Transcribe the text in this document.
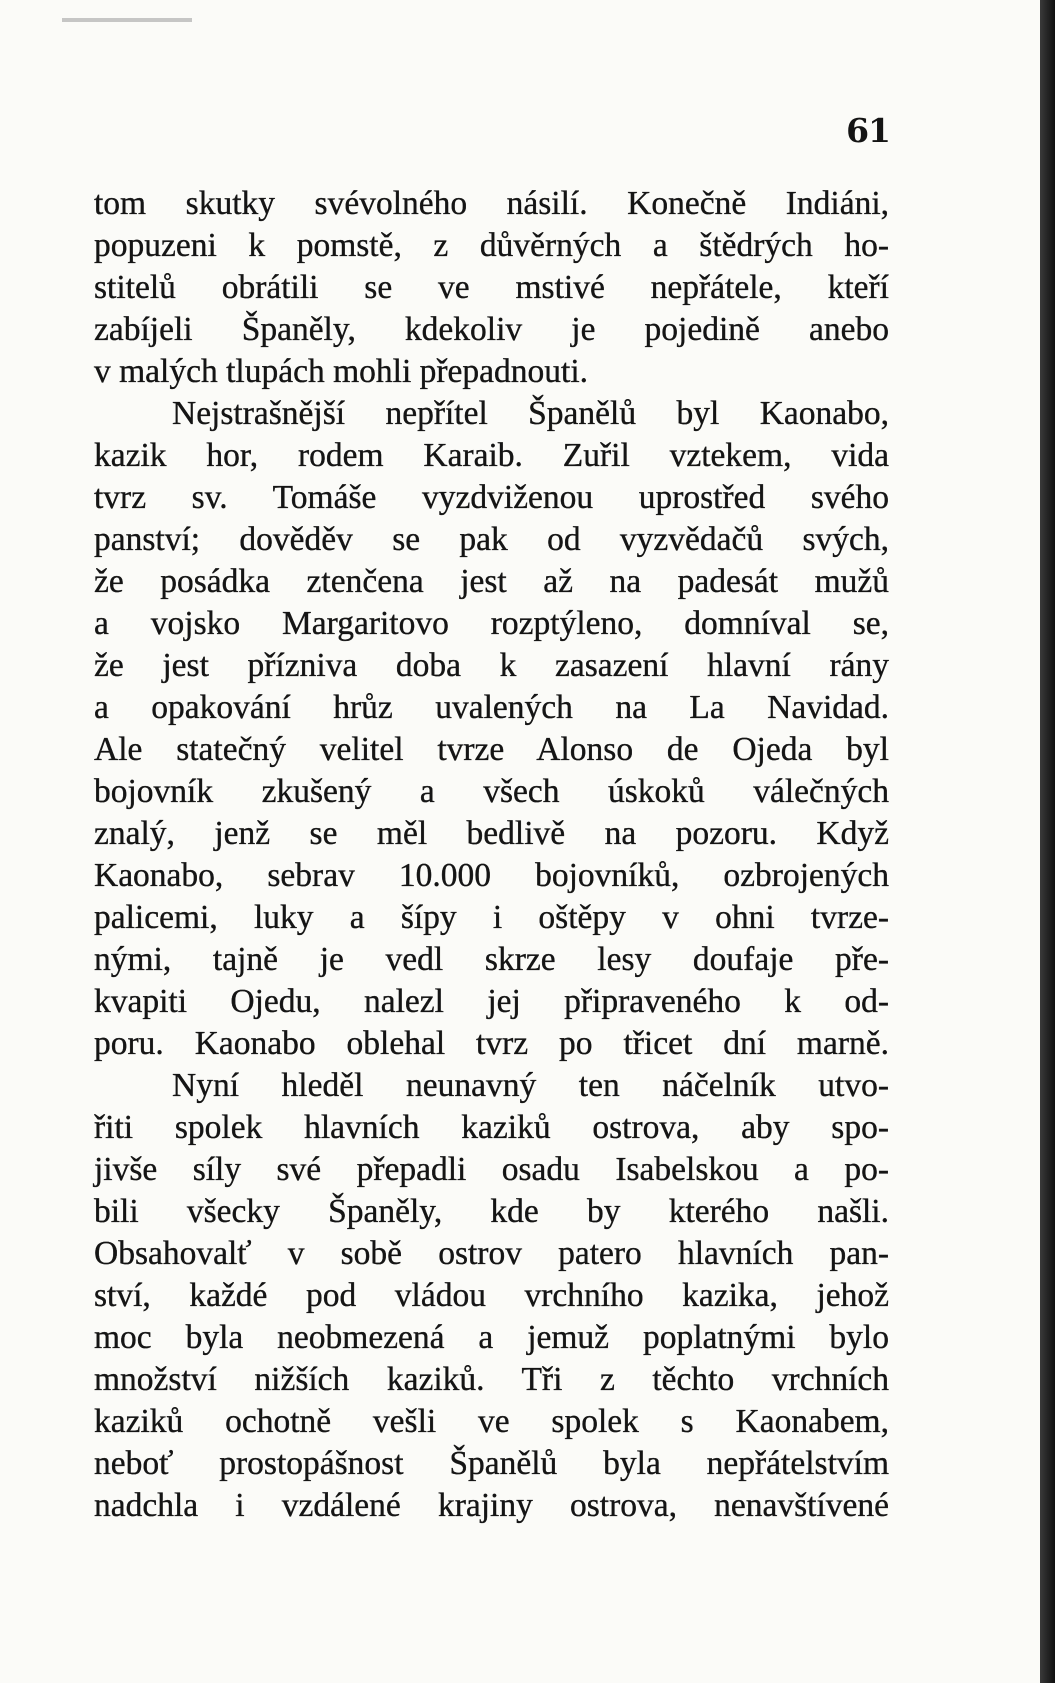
61
tom skutky svévolného násilí. Konečně Indiáni,
popuzeni k pomstě, z důvěrných a štědrých ho-
stitelů obrátili se ve mstivé nepřátele, kteří
zabíjeli Španěly, kdekoliv je pojedině anebo
v malých tlupách mohli přepadnouti.
Nejstrašnější nepřítel Španělů byl Kaonabo,
kazik hor, rodem Karaib. Zuřil vztekem, vida
tvrz sv. Tomáše vyzdviženou uprostřed svého
panství; dověděv se pak od vyzvědačů svých,
že posádka ztenčena jest až na padesát mužů
a vojsko Margaritovo rozptýleno, domníval se,
že jest přízniva doba k zasazení hlavní rány
a opakování hrůz uvalených na La Navidad.
Ale statečný velitel tvrze Alonso de Ojeda byl
bojovník zkušený a všech úskoků válečných
znalý, jenž se měl bedlivě na pozoru. Když
Kaonabo, sebrav 10.000 bojovníků, ozbrojených
palicemi, luky a šípy i oštěpy v ohni tvrze-
nými, tajně je vedl skrze lesy doufaje pře-
kvapiti Ojedu, nalezl jej připraveného k od-
poru. Kaonabo oblehal tvrz po třicet dní marně.
Nyní hleděl neunavný ten náčelník utvo-
řiti spolek hlavních kaziků ostrova, aby spo-
jivše síly své přepadli osadu Isabelskou a po-
bili všecky Španěly, kde by kterého našli.
Obsahovalť v sobě ostrov patero hlavních pan-
ství, každé pod vládou vrchního kazika, jehož
moc byla neobmezená a jemuž poplatnými bylo
množství nižších kaziků. Tři z těchto vrchních
kaziků ochotně vešli ve spolek s Kaonabem,
neboť prostopášnost Španělů byla nepřátelstvím
nadchla i vzdálené krajiny ostrova, nenavštívené
